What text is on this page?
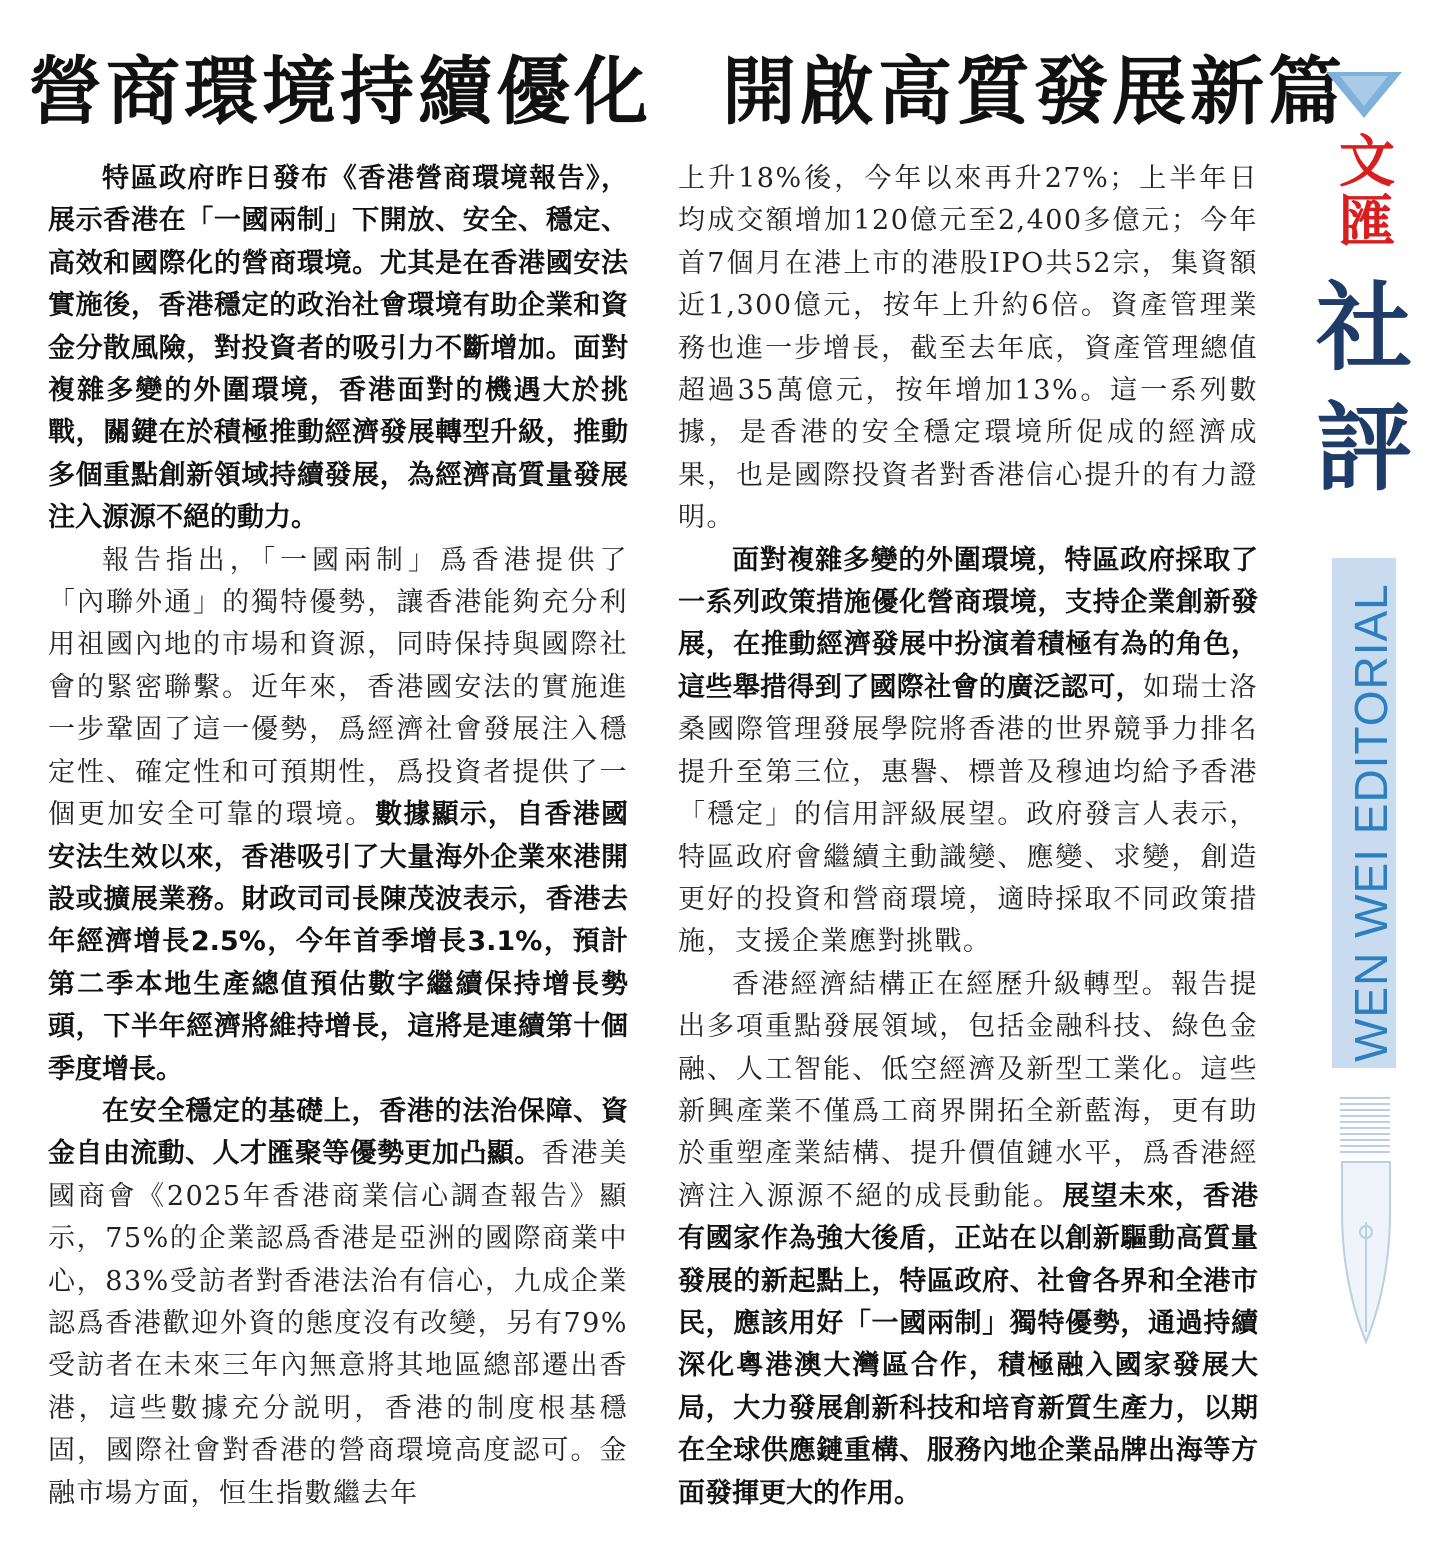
營商環境持續優化 開啟高質發展新篇

特區政府昨日發布《香港營商環境報告》，展示香港在「一國兩制」下開放、安全、穩定、高效和國際化的營商環境。尤其是在香港國安法實施後，香港穩定的政治社會環境有助企業和資金分散風險，對投資者的吸引力不斷增加。面對複雜多變的外圍環境，香港面對的機遇大於挑戰，關鍵在於積極推動經濟發展轉型升級，推動多個重點創新領域持續發展，為經濟高質量發展注入源源不絕的動力。

報告指出，「一國兩制」爲香港提供了「內聯外通」的獨特優勢，讓香港能夠充分利用祖國內地的市場和資源，同時保持與國際社會的緊密聯繫。近年來，香港國安法的實施進一步鞏固了這一優勢，爲經濟社會發展注入穩定性、確定性和可預期性，爲投資者提供了一個更加安全可靠的環境。數據顯示，自香港國安法生效以來，香港吸引了大量海外企業來港開設或擴展業務。財政司司長陳茂波表示，香港去年經濟增長2.5%，今年首季增長3.1%，預計第二季本地生產總值預估數字繼續保持增長勢頭，下半年經濟將維持增長，這將是連續第十個季度增長。

在安全穩定的基礎上，香港的法治保障、資金自由流動、人才匯聚等優勢更加凸顯。香港美國商會《2025年香港商業信心調查報告》顯示，75%的企業認爲香港是亞洲的國際商業中心，83%受訪者對香港法治有信心，九成企業認爲香港歡迎外資的態度沒有改變，另有79%受訪者在未來三年內無意將其地區總部遷出香港，這些數據充分説明，香港的制度根基穩固，國際社會對香港的營商環境高度認可。金融市場方面，恒生指數繼去年

上升18%後，今年以來再升27%；上半年日均成交額增加120億元至2,400多億元；今年首7個月在港上市的港股IPO共52宗，集資額近1,300億元，按年上升約6倍。資產管理業務也進一步增長，截至去年底，資產管理總值超過35萬億元，按年增加13%。這一系列數據，是香港的安全穩定環境所促成的經濟成果，也是國際投資者對香港信心提升的有力證明。

面對複雜多變的外圍環境，特區政府採取了一系列政策措施優化營商環境，支持企業創新發展，在推動經濟發展中扮演着積極有為的角色，這些舉措得到了國際社會的廣泛認可，如瑞士洛桑國際管理發展學院將香港的世界競爭力排名提升至第三位，惠譽、標普及穆迪均給予香港「穩定」的信用評級展望。政府發言人表示，特區政府會繼續主動識變、應變、求變，創造更好的投資和營商環境，適時採取不同政策措施，支援企業應對挑戰。

香港經濟結構正在經歷升級轉型。報告提出多項重點發展領域，包括金融科技、綠色金融、人工智能、低空經濟及新型工業化。這些新興產業不僅爲工商界開拓全新藍海，更有助於重塑產業結構、提升價值鏈水平，爲香港經濟注入源源不絕的成長動能。展望未來，香港有國家作為強大後盾，正站在以創新驅動高質量發展的新起點上，特區政府、社會各界和全港市民，應該用好「一國兩制」獨特優勢，通過持續深化粵港澳大灣區合作，積極融入國家發展大局，大力發展創新科技和培育新質生產力，以期在全球供應鏈重構、服務內地企業品牌出海等方面發揮更大的作用。

文
匯
社
評
WEN WEI EDITORIAL
